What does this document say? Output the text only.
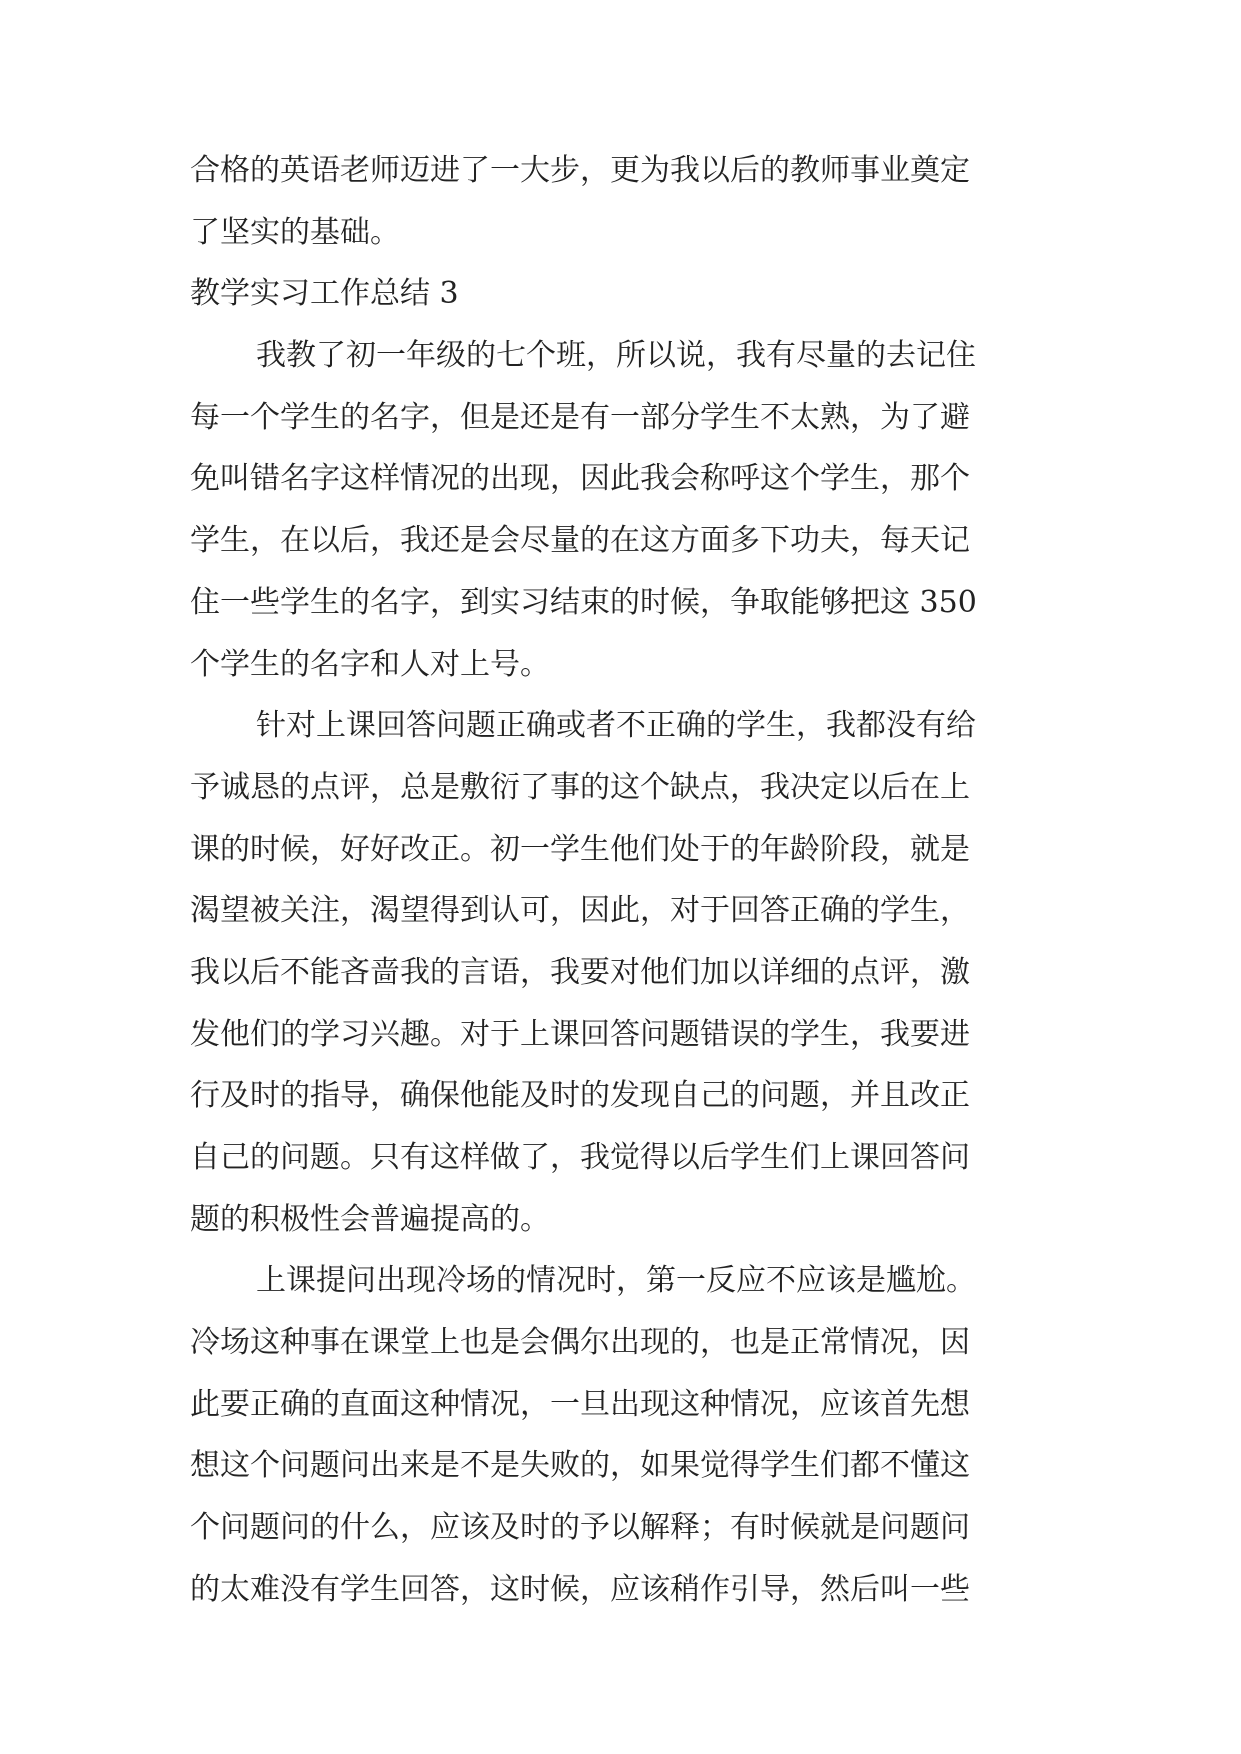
合格的英语老师迈进了一大步，更为我以后的教师事业奠定
了坚实的基础。
教学实习工作总结 3
我教了初一年级的七个班，所以说，我有尽量的去记住
每一个学生的名字，但是还是有一部分学生不太熟，为了避
免叫错名字这样情况的出现，因此我会称呼这个学生，那个
学生，在以后，我还是会尽量的在这方面多下功夫，每天记
住一些学生的名字，到实习结束的时候，争取能够把这 350
个学生的名字和人对上号。
针对上课回答问题正确或者不正确的学生，我都没有给
予诚恳的点评，总是敷衍了事的这个缺点，我决定以后在上
课的时候，好好改正。初一学生他们处于的年龄阶段，就是
渴望被关注，渴望得到认可，因此，对于回答正确的学生，
我以后不能吝啬我的言语，我要对他们加以详细的点评，激
发他们的学习兴趣。对于上课回答问题错误的学生，我要进
行及时的指导，确保他能及时的发现自己的问题，并且改正
自己的问题。只有这样做了，我觉得以后学生们上课回答问
题的积极性会普遍提高的。
上课提问出现冷场的情况时，第一反应不应该是尴尬。
冷场这种事在课堂上也是会偶尔出现的，也是正常情况，因
此要正确的直面这种情况，一旦出现这种情况，应该首先想
想这个问题问出来是不是失败的，如果觉得学生们都不懂这
个问题问的什么，应该及时的予以解释；有时候就是问题问
的太难没有学生回答，这时候，应该稍作引导，然后叫一些
